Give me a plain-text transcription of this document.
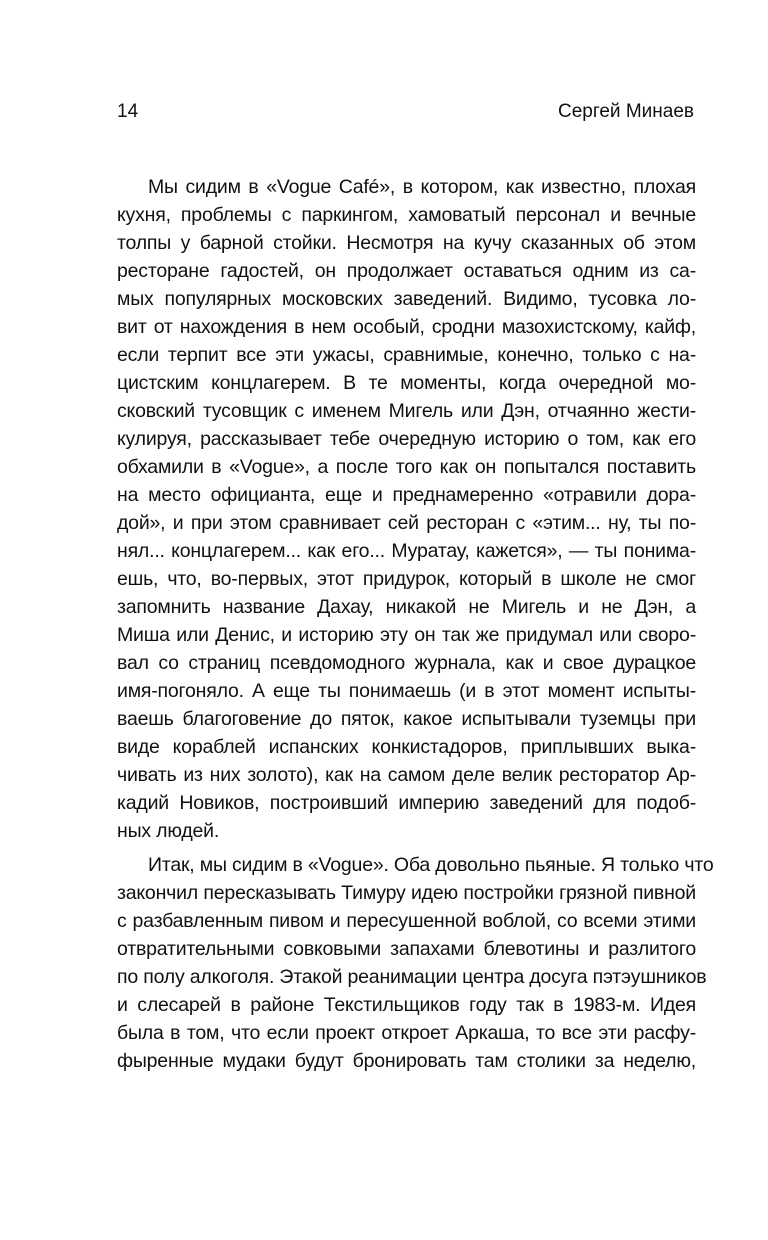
14	Сергей Минаев
Мы сидим в «Vogue Café», в котором, как известно, плохая
кухня, проблемы с паркингом, хамоватый персонал и вечные
толпы у барной стойки. Несмотря на кучу сказанных об этом
ресторане гадостей, он продолжает оставаться одним из са-
мых популярных московских заведений. Видимо, тусовка ло-
вит от нахождения в нем особый, сродни мазохистскому, кайф,
если терпит все эти ужасы, сравнимые, конечно, только с на-
цистским концлагерем. В те моменты, когда очередной мо-
сковский тусовщик с именем Мигель или Дэн, отчаянно жести-
кулируя, рассказывает тебе очередную историю о том, как его
обхамили в «Vogue», а после того как он попытался поставить
на место официанта, еще и преднамеренно «отравили дора-
дой», и при этом сравнивает сей ресторан с «этим... ну, ты по-
нял... концлагерем... как его... Муратау, кажется», — ты понима-
ешь, что, во-первых, этот придурок, который в школе не смог
запомнить название Дахау, никакой не Мигель и не Дэн, а
Миша или Денис, и историю эту он так же придумал или своро-
вал со страниц псевдомодного журнала, как и свое дурацкое
имя-погоняло. А еще ты понимаешь (и в этот момент испыты-
ваешь благоговение до пяток, какое испытывали туземцы при
виде кораблей испанских конкистадоров, приплывших выка-
чивать из них золото), как на самом деле велик ресторатор Ар-
кадий Новиков, построивший империю заведений для подоб-
ных людей.
Итак, мы сидим в «Vogue». Оба довольно пьяные. Я только что
закончил пересказывать Тимуру идею постройки грязной пивной
с разбавленным пивом и пересушенной воблой, со всеми этими
отвратительными совковыми запахами блевотины и разлитого
по полу алкоголя. Этакой реанимации центра досуга пэтэушников
и слесарей в районе Текстильщиков году так в 1983-м. Идея
была в том, что если проект откроет Аркаша, то все эти расфу-
фыренные мудаки будут бронировать там столики за неделю,
